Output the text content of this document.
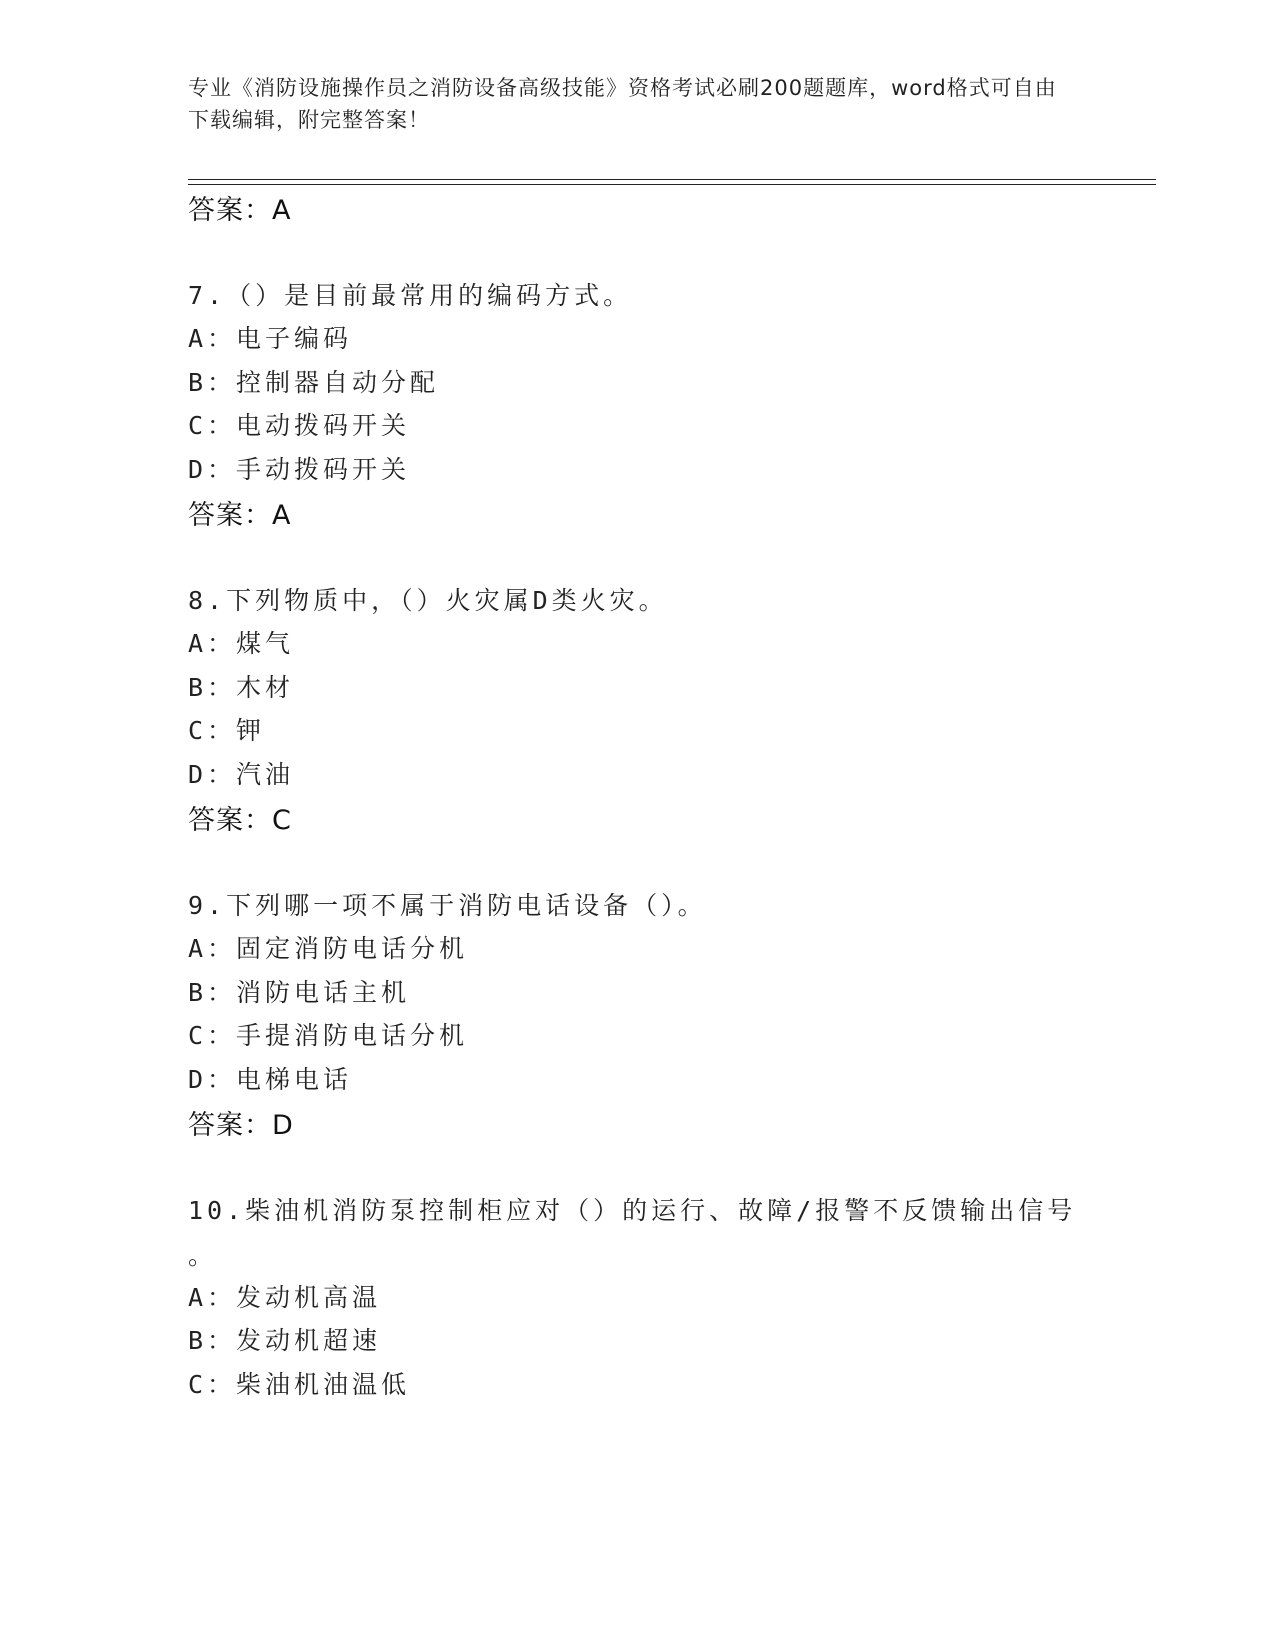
专业《消防设施操作员之消防设备高级技能》资格考试必刷200题题库，word格式可自由下载编辑，附完整答案！
答案：A
7.（）是目前最常用的编码方式。
A：电子编码
B：控制器自动分配
C：电动拨码开关
D：手动拨码开关
答案：A
8.下列物质中，（）火灾属D类火灾。
A：煤气
B：木材
C：钾
D：汽油
答案：C
9.下列哪一项不属于消防电话设备（）。
A：固定消防电话分机
B：消防电话主机
C：手提消防电话分机
D：电梯电话
答案：D
10.柴油机消防泵控制柜应对（）的运行、故障/报警不反馈输出信号
。
A：发动机高温
B：发动机超速
C：柴油机油温低
